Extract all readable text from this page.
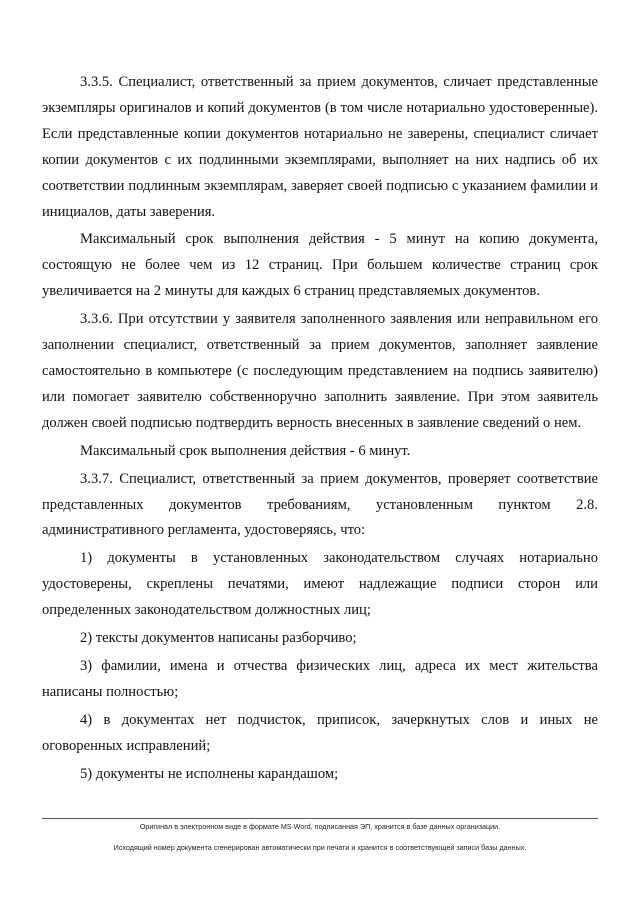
3.3.5. Специалист, ответственный за прием документов, сличает представленные экземпляры оригиналов и копий документов (в том числе нотариально удостоверенные). Если представленные копии документов нотариально не заверены, специалист сличает копии документов с их подлинными экземплярами, выполняет на них надпись об их соответствии подлинным экземплярам, заверяет своей подписью с указанием фамилии и инициалов, даты заверения.

Максимальный срок выполнения действия - 5 минут на копию документа, состоящую не более чем из 12 страниц. При большем количестве страниц срок увеличивается на 2 минуты для каждых 6 страниц представляемых документов.

3.3.6. При отсутствии у заявителя заполненного заявления или неправильном его заполнении специалист, ответственный за прием документов, заполняет заявление самостоятельно в компьютере (с последующим представлением на подпись заявителю) или помогает заявителю собственноручно заполнить заявление. При этом заявитель должен своей подписью подтвердить верность внесенных в заявление сведений о нем.

Максимальный срок выполнения действия - 6 минут.

3.3.7. Специалист, ответственный за прием документов, проверяет соответствие представленных документов требованиям, установленным пунктом 2.8. административного регламента, удостоверяясь, что:

1) документы в установленных законодательством случаях нотариально удостоверены, скреплены печатями, имеют надлежащие подписи сторон или определенных законодательством должностных лиц;

2) тексты документов написаны разборчиво;

3) фамилии, имена и отчества физических лиц, адреса их мест жительства написаны полностью;

4) в документах нет подчисток, приписок, зачеркнутых слов и иных не оговоренных исправлений;

5) документы не исполнены карандашом;

Оригинал в электронном виде в формате MS Word, подписанная ЭП, хранится в базе данных организации.
Исходящий номер документа сгенерирован автоматически при печати и хранится в соответствующей записи базы данных.
